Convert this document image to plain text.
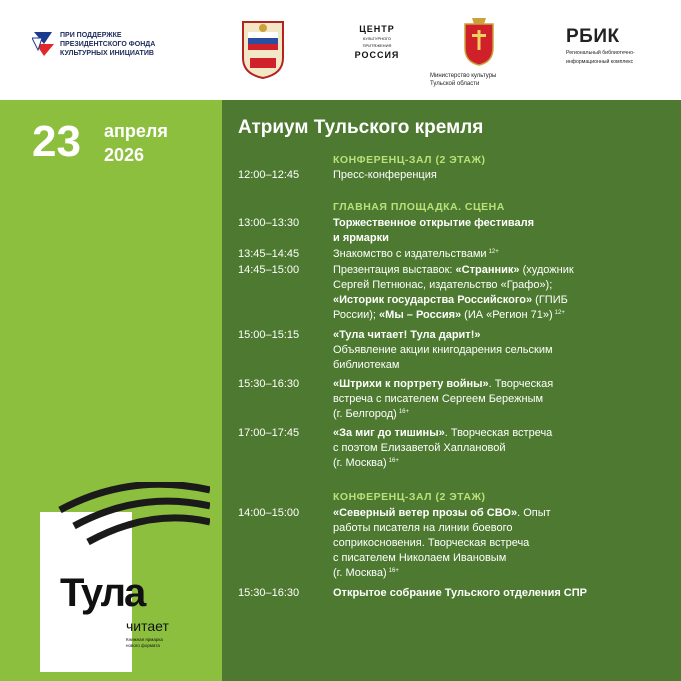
ПРИ ПОДДЕРЖКЕ
ПРЕЗИДЕНТСКОГО ФОНДА
КУЛЬТУРНЫХ ИНИЦИАТИВ
ЦЕНТР
КУЛЬТУРНОГО
ПРИТЯЖЕНИЯ
РОССИЯ
Министерство культуры
Тульской области
РБИК
Региональный библиотечно-
информационный комплекс
23 апреля
2026
Тула
читает
Книжная ярмарка
нового формата
Атриум Тульского кремля
КОНФЕРЕНЦ-ЗАЛ (2 ЭТАЖ)
12:00–12:45	Пресс-конференция
ГЛАВНАЯ ПЛОЩАДКА. СЦЕНА
13:00–13:30	Торжественное открытие фестиваля
и ярмарки
13:45–14:45	Знакомство с издательствами $^{12+}$
14:45–15:00	Презентация выставок: «Странник» (художник
Сергей Петнюнас, издательство «Графо»);
«Историк государства Российского» (ГПИБ
России); «Мы – Россия» (ИА «Регион 71») $^{12+}$
15:00–15:15	«Тула читает! Тула дарит!»
Объявление акции книгодарения сельским
библиотекам
15:30–16:30	«Штрихи к портрету войны». Творческая
встреча с писателем Сергеем Бережным
(г. Белгород) $^{16+}$
17:00–17:45	«За миг до тишины». Творческая встреча
с поэтом Елизаветой Хаплановой
(г. Москва) $^{16+}$
КОНФЕРЕНЦ-ЗАЛ (2 ЭТАЖ)
14:00–15:00	«Северный ветер прозы об СВО». Опыт
работы писателя на линии боевого
соприкосновения. Творческая встреча
с писателем Николаем Ивановым
(г. Москва) $^{16+}$
15:30–16:30	Открытое собрание Тульского отделения СПР
